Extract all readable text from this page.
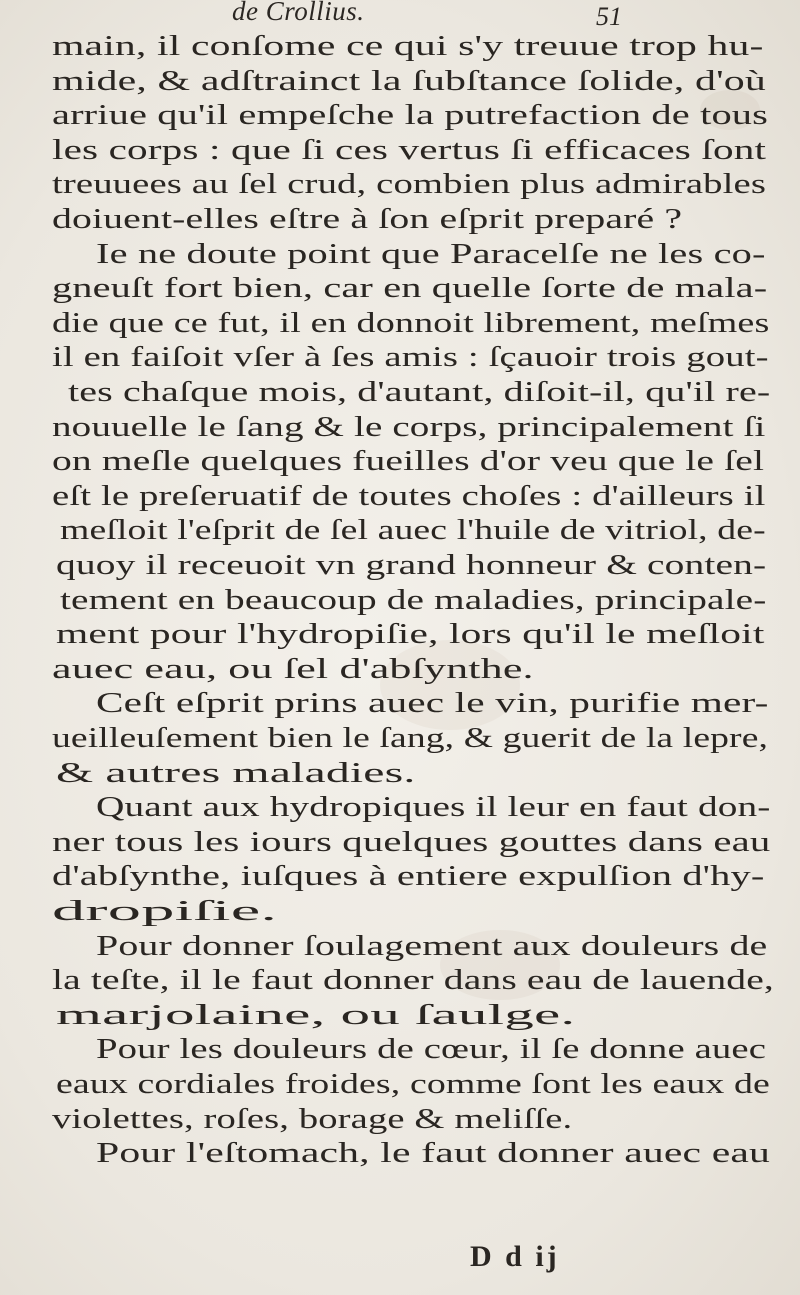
de Crollius.	51
main, il conſome ce qui s'y treuue trop hu-
mide, & adſtrainct la ſubſtance ſolide, d'où
arriue qu'il empeſche la putrefaction de tous
les corps : que ſi ces vertus ſi efficaces ſont
treuuees au ſel crud, combien plus admirables
doiuent-elles eſtre à ſon eſprit preparé ?
Ie ne doute point que Paracelſe ne les co-
gneuſt fort bien, car en quelle ſorte de mala-
die que ce fut, il en donnoit librement, meſmes
il en faiſoit vſer à ſes amis : ſçauoir trois gout-
tes chaſque mois, d'autant, diſoit-il, qu'il re-
nouuelle le ſang & le corps, principalement ſi
on meſle quelques fueilles d'or veu que le ſel
eſt le preſeruatif de toutes choſes : d'ailleurs il
meſloit l'eſprit de ſel auec l'huile de vitriol, de-
quoy il receuoit vn grand honneur & conten-
tement en beaucoup de maladies, principale-
ment pour l'hydropiſie, lors qu'il le meſloit
auec eau, ou ſel d'abſynthe.
Ceſt eſprit prins auec le vin, purifie mer-
ueilleuſement bien le ſang, & guerit de la lepre,
& autres maladies.
Quant aux hydropiques il leur en faut don-
ner tous les iours quelques gouttes dans eau
d'abſynthe, iuſques à entiere expulſion d'hy-
dropiſie.
Pour donner ſoulagement aux douleurs de
la teſte, il le faut donner dans eau de lauende,
marjolaine, ou ſaulge.
Pour les douleurs de cœur, il ſe donne auec
eaux cordiales froides, comme ſont les eaux de
violettes, roſes, borage & meliſſe.
Pour l'eſtomach, le faut donner auec eau
D d ij
